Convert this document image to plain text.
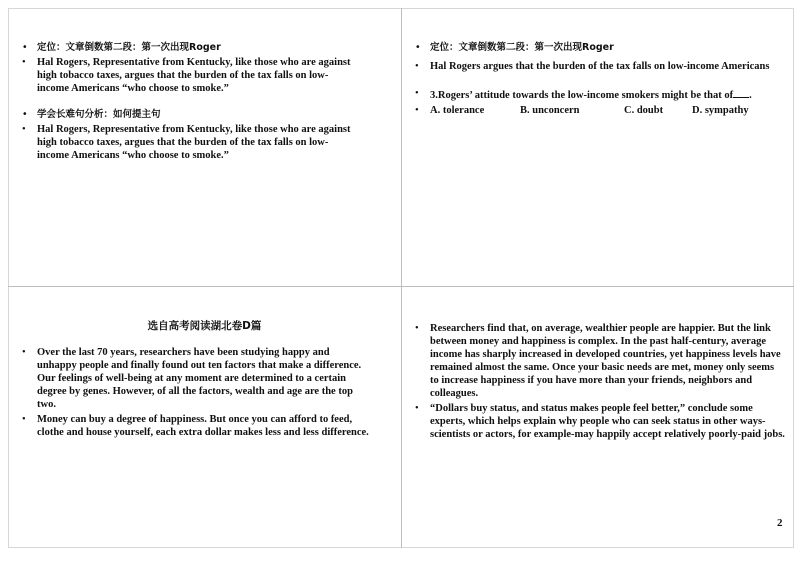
• 定位：文章倒数第二段：第一次出现Roger
• Hal Rogers, Representative from Kentucky, like those who are against high tobacco taxes, argues that the burden of the tax falls on low-income Americans “who choose to smoke.”
• 学会长难句分析：如何提主句
• Hal Rogers, Representative from Kentucky, like those who are against high tobacco taxes, argues that the burden of the tax falls on low-income Americans “who choose to smoke.”
• 定位：文章倒数第二段：第一次出现Roger
• Hal Rogers argues that the burden of the tax falls on low-income Americans
• 3.Rogers’ attitude towards the low-income smokers might be that of .
• A. tolerance	B. unconcern	C. doubt	D. sympathy
选自高考阅读湖北卷D篇
• Over the last 70 years, researchers have been studying happy and unhappy people and finally found out ten factors that make a difference. Our feelings of well-being at any moment are determined to a certain degree by genes. However, of all the factors, wealth and age are the top two.
• Money can buy a degree of happiness. But once you can afford to feed, clothe and house yourself, each extra dollar makes less and less difference.
• Researchers find that, on average, wealthier people are happier. But the link between money and happiness is complex. In the past half-century, average income has sharply increased in developed countries, yet happiness levels have remained almost the same. Once your basic needs are met, money only seems to increase happiness if you have more than your friends, neighbors and colleagues.
• “Dollars buy status, and status makes people feel better,” conclude some experts, which helps explain why people who can seek status in other ways-scientists or actors, for example-may happily accept relatively poorly-paid jobs.
2
